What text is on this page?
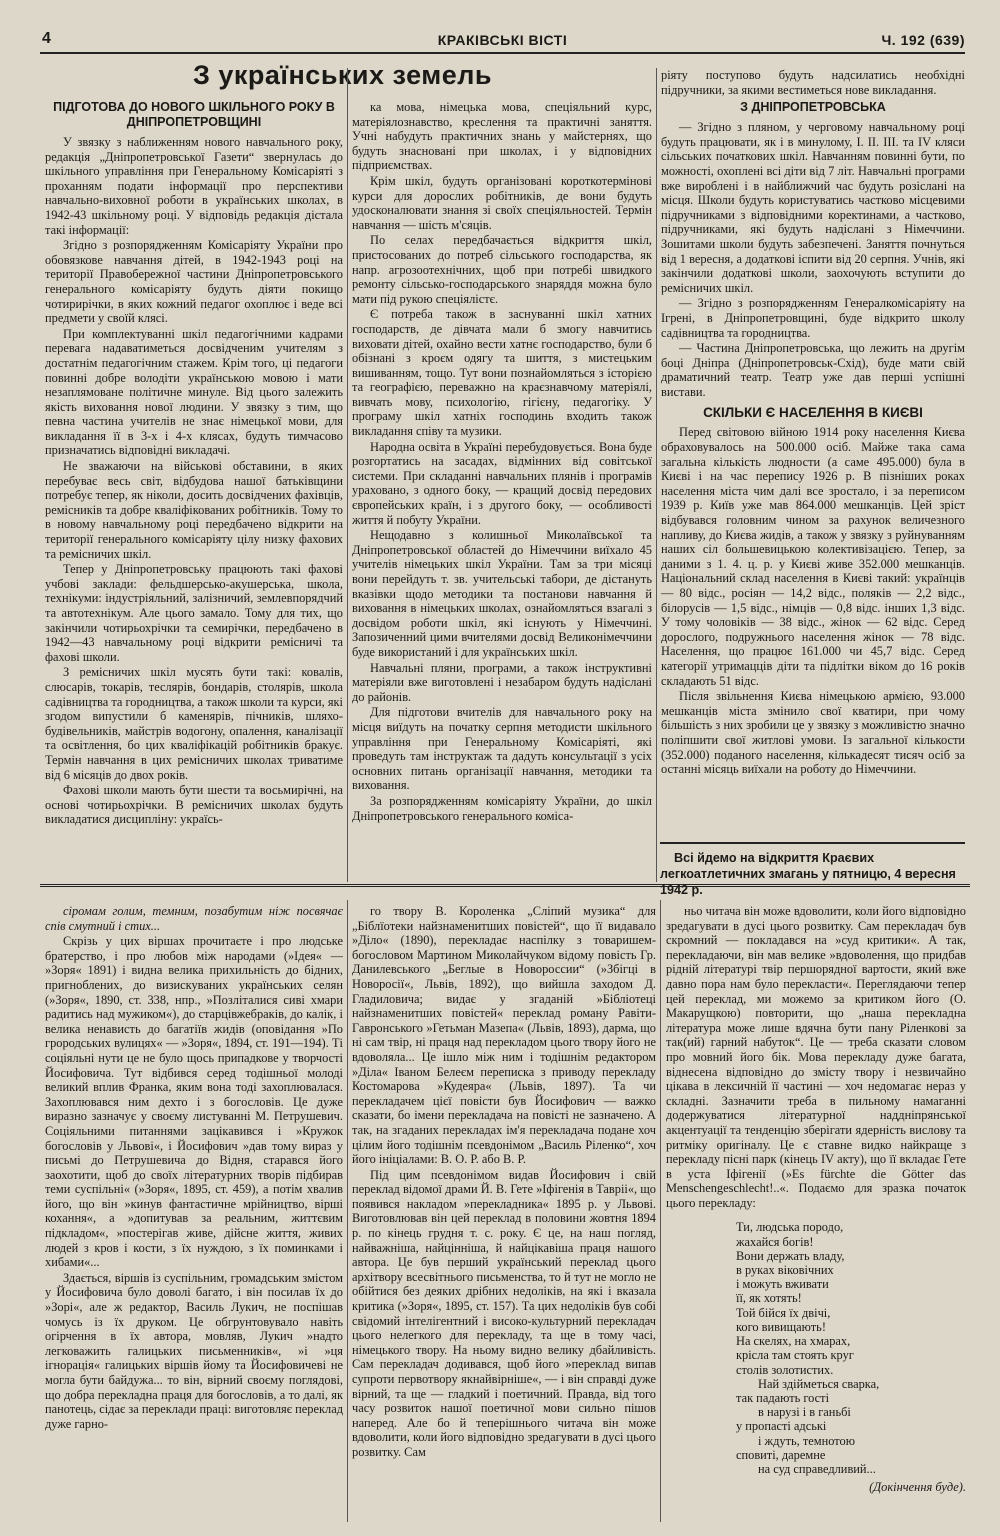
4	КРАКІВСЬКІ ВІСТІ	Ч. 192 (639)
З українських земель
ПІДГОТОВА ДО НОВОГО ШКІЛЬНОГО РОКУ В ДНІПРОПЕТРОВЩИНІ

У звязку з наближенням нового навчального року, редакція „Дніпропетровської Газети“ звернулась до шкільного управління при Генеральному Комісаріяті з проханням подати інформації про перспективи навчально-виховної роботи в українських школах, в 1942-43 шкільному році. У відповідь редакція дістала такі інформації:

Згідно з розпорядженням Комісаріяту України про обовязкове навчання дітей, в 1942-1943 році на території Правобережної частини Дніпропетровського генерального комісаріяту будуть діяти покищо чотирирічки, в яких кожний педагог охоплює і веде всі предмети у своїй клясі.

При комплектуванні шкіл педагогічними кадрами перевага надаватиметься досвідченим учителям з достатнім педагогічним стажем. Крім того, ці педагоги повинні добре володіти українською мовою і мати незаплямоване політичне минуле. Від цього залежить якість виховання нової людини. У звязку з тим, що певна частина учителів не знає німецької мови, для викладання її в 3-х і 4-х клясах, будуть тимчасово призначатись відповідні викладачі.

Не зважаючи на військові обставини, в яких перебуває весь світ, відбудова нашої батьківщини потребує тепер, як ніколи, досить досвідчених фахівців, ремісників та добре кваліфікованих робітників. Тому то в новому навчальному році передбачено відкрити на території генерального комісаріяту цілу низку фахових та ремісничих шкіл.

Тепер у Дніпропетровську працюють такі фахові учбові заклади: фельдшерсько-акушерська, школа, технікуми: індустріяльний, залізничий, землевпорядчий та автотехнікум. Але цього замало. Тому для тих, що закінчили чотирьохрічки та семирічки, передбачено в 1942—43 навчальному році відкрити ремісничі та фахові школи.

З ремісничих шкіл мусять бути такі: ковалів, слюсарів, токарів, теслярів, бондарів, столярів, школа садівництва та городництва, а також школи та курси, які згодом випустили б каменярів, пічників, шляхо-будівельників, майстрів водогону, опалення, каналізації та освітлення, бо цих кваліфікацій робітників бракує. Термін навчання в цих ремісничих школах триватиме від 6 місяців до двох років.

Фахові школи мають бути шести та восьмирічні, на основі чотирьохрічки. В ремісничих школах будуть викладатися дисципліну: україсь-

ка мова, німецька мова, спеціяльний курс, матеріялознавство, креслення та практичні заняття. Учні набудуть практичних знань у майстернях, що будуть знасновані при школах, і у відповідних підприємствах.

Крім шкіл, будуть організовані короткотермінові курси для дорослих робітників, де вони будуть удосконалювати знання зі своїх спеціяльностей. Термін навчання — шість м'сяців.

По селах передбачається відкриття шкіл, пристосованих до потреб сільського господарства, як напр. агрозоотехнічних, щоб при потребі швидкого ремонту сільсько-господарського знаряддя можна було мати під рукою спеціялістє.

Є потреба також в заснуванні шкіл хатних господарств, де дівчата мали б змогу навчитись виховати дітей, охайно вести хатнє господарство, були б обізнані з кроєм одягу та шиття, з мистецьким вишиванням, тощо. Тут вони познайомляться з історією та географією, переважно на краєзнавчому матеріялі, вивчать мову, психологію, гігієну, педагогіку. У програму шкіл хатніх господинь входить також викладання співу та музики.

Народна освіта в Україні перебудовується. Вона буде розгортатись на засадах, відмінних від совітської системи. При складанні навчальних плянів і програмів ураховано, з одного боку, — кращий досвід передових європейських країн, і з другого боку, — особливості життя й побуту України.

Нещодавно з колишньої Миколаївської та Дніпропетровської областей до Німеччини виїхало 45 учителів німецьких шкіл України. Там за три місяці вони перейдуть т. зв. учительські табори, де дістануть вказівки щодо методики та постанови навчання й виховання в німецьких школах, ознайомляться взагалі з досвідом роботи шкіл, які існують у Німеччині. Запозиченний цими вчителями досвід Великонімеччини буде використаний і для українських шкіл.

Навчальні пляни, програми, а також інструктивні матеріяли вже виготовлені і незабаром будуть надіслані до районів.

Для підготови вчителів для навчального року на місця виїдуть на початку серпня методисти шкільного управління при Генеральному Комісаріяті, які проведуть там інструктаж та дадуть консультації з усіх основних питань організації навчання, методики та виховання.

За розпорядженням комісаріяту України, до шкіл Дніпропетровського генерального коміса-

ріяту поступово будуть надсилатись необхідні підручники, за якими вестиметься нове викладання.

З ДНІПРОПЕТРОВСЬКА

— Згідно з пляном, у черговому навчальному році будуть працювати, як і в минулому, I. II. III. та IV кляси сільських початкових шкіл. Навчанням повинні бути, по можності, охоплені всі діти від 7 літ. Навчальні програми вже вироблені і в найближчий час будуть розіслані на місця. Школи будуть користуватись частково місцевими підручниками з відповідними коректинами, а частково, підручниками, які будуть надіслані з Німеччини. Зошитами школи будуть забезпечені. Заняття почнуться від 1 вересня, а додаткові іспити від 20 серпня. Учнів, які закінчили додаткові школи, заохочують вступити до ремісничих шкіл.

— Згідно з розпорядженням Генералкомісаріяту на Ігрені, в Дніпропетровщині, буде відкрито школу садівництва та городництва.

— Частина Дніпропетровська, що лежить на другім боці Дніпра (Дніпропетровськ-Схід), буде мати свій драматичний театр. Театр уже дав перші успішні вистави.

СКІЛЬКИ Є НАСЕЛЕННЯ В КИЄВІ

Перед світовою війною 1914 року населення Києва обраховувалось на 500.000 осіб. Майже така сама загальна кількість людности (а саме 495.000) була в Києві і на час перепису 1926 р. В пізніших роках населення міста чим далі все зростало, і за переписом 1939 р. Київ уже мав 864.000 мешканців. Цей зріст відбувався головним чином за рахунок величезного напливу, до Києва жидів, а також у звязку з руйнуванням наших сіл большевицькою колективізацією. Тепер, за даними з 1. 4. ц. р. у Києві живе 352.000 мешканців. Національний склад населення в Києві такий: українців — 80 відс., росіян — 14,2 відс., поляків — 2,2 відс., білорусів — 1,5 відс., німців — 0,8 відс. інших 1,3 відс. У тому чоловіків — 38 відс., жінок — 62 відс. Серед дорослого, подружнього населення жінок — 78 відс. Населення, що працює 161.000 чи 45,7 відс. Серед категорії утримацців діти та підлітки віком до 16 років складають 51 відс.

Після звільнення Києва німецькою армією, 93.000 мешканців міста змінило свої кватири, при чому більшість з них зробили це у звязку з можливістю значно поліпшити свої житлові умови. Із загальної кількости (352.000) поданого населення, кількадесят тисяч осіб за останні місяць виїхали на роботу до Німеччини.

Всі йдемо на відкриття Краєвих легкоатлетичних змагань у пятницю, 4 вересня 1942 р.

сіромам голим, темним, позабутим ніж посвячає спів смутний і стих...

Скрізь у цих віршах прочитаєте і про людське братерство, і про любов між народами (»Ідея« — »Зоря« 1891) і видна велика прихильність до бідних, пригноблених, до визискуваних українських селян (»Зоря«, 1890, ст. 338, нпр., »Позліталися сиві хмари радитись над мужиком«), до старцівжебраків, до калік, і велика ненависть до багатіїв жидів (оповідання »По грородських вулицях« — »Зоря«, 1894, ст. 191—194). Ті соціяльні нути це не було щось припадкове у творчості Йосифовича. Тут відбився серед тодішньої молоді великий вплив Франка, яким вона тоді захоплювалася. Захоплювався ним дехто і з богословів. Це дуже виразно зазначує у своєму листуванні М. Петрушевич. Соціяльними питаннями зацікавився і »Кружок богословів у Львові«, і Йосифович »дав тому вираз у письмі до Петрушевича до Відня, старався його заохотити, щоб до своїх літературних творів підбирав теми суспільні« (»Зоря«, 1895, ст. 459), а потім хвалив його, що він »кинув фантастичне мрійництво, вірші кохання«, а »допитував за реальним, життєвим підкладом«, »постерігав живе, дійсне життя, живих людей з кров і кости, з їх нуждою, з їх поминками і хибами«...

Здається, віршів із суспільним, громадським змістом у Йосифовича було доволі багато, і він посилав їх до »Зорі«, але ж редактор, Василь Лукич, не поспішав чомусь із їх друком. Це обгрунтовувало навіть огірчення в їх автора, мовляв, Лукич »надто легковажить галицьких письменників«, »і »ця ігнорація« галицьких віршів йому та Йосифовичеві не могла бути байдужа... то він, вірний своєму поглядові, що добра перекладна праця для богословів, а то далі, як панотець, сідає за переклади праці: виготовляє переклад дуже гарно-

го твору В. Короленка „Сліпий музика“ для „Біблїотеки найзнаменитших повістей“, що її видавало »Діло« (1890), перекладає наспілку з товаришем-богословом Мартином Миколайчуком відому повість Гр. Данилевського „Беглые в Новороссии“ (»Збігці в Новоросії«, Львів, 1892), що вийшла заходом Д. Гладиловича; видає у згаданій »Бібліотеці найзнаменитших повістей« переклад роману Равіти-Гавронського »Гетьман Мазепа« (Львів, 1893), дарма, що ні сам твір, ні праця над перекладом цього твору його не вдоволяла... Це ішло між ним і тодішнім редактором »Діла« Іваном Белеєм переписка з приводу перекладу Костомарова »Кудеяра« (Львів, 1897). Та чи перекладачем цієї повісти був Йосифович — важко сказати, бо імени перекладача на повісті не зазначено. А так, на згаданих перекладах ім'я перекладача подане хоч цілим його тодішнім псевдонімом „Василь Ріленко“, хоч його ініціалами: В. О. Р. або В. Р.

Під цим псевдонімом видав Йосифович і свій переклад відомої драми Й. В. Гете »Іфігенія в Тавріі«, що появився накладом »переклaдника« 1895 р. у Львові. Виготовлював він цей переклад в половини жовтня 1894 р. по кінець грудня т. с. року. Є це, на наш погляд, найважніша, найціннішa, й найцікавіша праця нашого автора. Це був перший український переклад цього архітвору всесвітнього письменства, то й тут не могло не обійтися без деяких дрібних недоліків, на які і вказала критика (»Зоря«, 1895, ст. 157). Та цих недоліків був собі свідомий інтелігентний і високо-культурний перекладач цього нелегкого для перекладу, та ще в тому часі, німецького твору. На ньому видно велику дбайливість. Сам перекладач додивався, щоб його »переклад випав супроти первотвору якнайвірніше«, — і він справді дуже вірний, та ще — гладкий і поетичний. Правда, від того часу розвиток нашої поетичної мови сильно пішов наперед. Але бо й теперішнього читача він може вдоволити, коли його відповідно зредагувати в дусі цього розвитку. Сам

ньо читача він може вдоволити, коли його відповідно зредагувати в дусі цього розвитку. Сам перекладач був скромний — покладався на »суд критики«. А так, перекладаючи, він мав велике »вдоволення, що придбав рідній літературі твір першорядної вартости, який вже давно пора нам було перекласти«. Перeглядаючи тепер цей переклад, ми можемо за критиком його (О. Макарущкою) повторити, що „наша перекладна література може лише вдячна бути пану Ріленкові за так(ий) гарний набуток“. Це — треба сказати словом про мовний його бік. Мова перекладу дуже багата, віднесена відповідно до змісту твору і незвичайно цікава в лексичній її частині — хоч недомагає нераз у складні. Зазначити треба в пильному намаганні додержуватися літературної наддніпрянської акцентуації та тенденцію зберігати ядерність вислову та ритміку оригіналу. Це є ставне видко найкраще з перекладу пісні парк (кінець IV акту), що її вкладає Гете в уста Іфігенії (»Es fürchte die Götter das Menschengeschlecht!..«. Подаємо для зразка початок цього перекладу:

Ти, людська породо,
жахайся богів!
Вони держать владу,
в руках віковічних
і можуть вживати
її, як хотять!
Той бійся їх двічі,
кого вивищають!
На скелях, на хмарах,
крісла там стоять круг
столів золотистих.
Най здійметься сварка,
так падають гості
в нарузі і в ганьбі
у пропасті адські
і ждуть, темнотою
сповиті, даремне
на суд справедливий...
(Докінчення буде).
